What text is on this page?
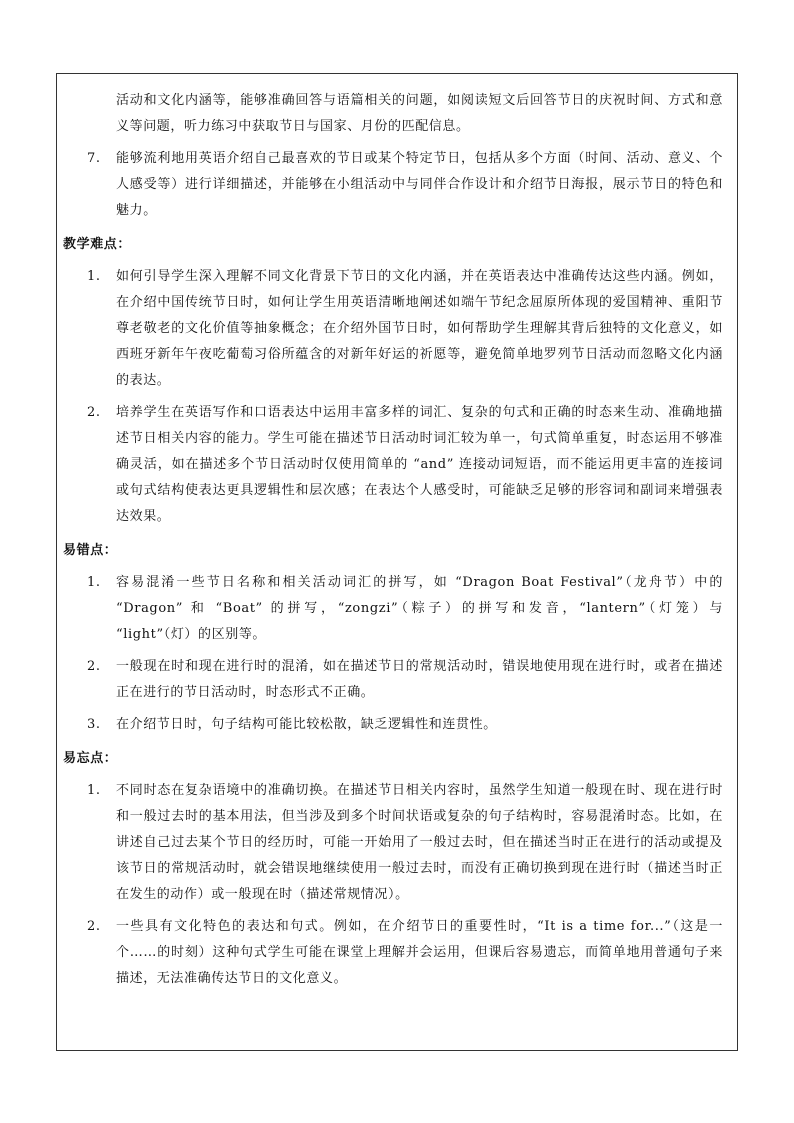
活动和文化内涵等，能够准确回答与语篇相关的问题，如阅读短文后回答节日的庆祝时间、方式和意义等问题，听力练习中获取节日与国家、月份的匹配信息。
7. 能够流利地用英语介绍自己最喜欢的节日或某个特定节日，包括从多个方面（时间、活动、意义、个人感受等）进行详细描述，并能够在小组活动中与同伴合作设计和介绍节日海报，展示节日的特色和魅力。
教学难点：
1. 如何引导学生深入理解不同文化背景下节日的文化内涵，并在英语表达中准确传达这些内涵。例如，在介绍中国传统节日时，如何让学生用英语清晰地阐述如端午节纪念屈原所体现的爱国精神、重阳节尊老敬老的文化价值等抽象概念；在介绍外国节日时，如何帮助学生理解其背后独特的文化意义，如西班牙新年午夜吃葡萄习俗所蕴含的对新年好运的祈愿等，避免简单地罗列节日活动而忽略文化内涵的表达。
2. 培养学生在英语写作和口语表达中运用丰富多样的词汇、复杂的句式和正确的时态来生动、准确地描述节日相关内容的能力。学生可能在描述节日活动时词汇较为单一，句式简单重复，时态运用不够准确灵活，如在描述多个节日活动时仅使用简单的 “and” 连接动词短语，而不能运用更丰富的连接词或句式结构使表达更具逻辑性和层次感；在表达个人感受时，可能缺乏足够的形容词和副词来增强表达效果。
易错点：
1. 容易混淆一些节日名称和相关活动词汇的拼写，如 “Dragon Boat Festival”（龙舟节）中的 “Dragon” 和 “Boat” 的拼写，“zongzi”（粽子）的拼写和发音，“lantern”（灯笼）与 “light”（灯）的区别等。
2. 一般现在时和现在进行时的混淆，如在描述节日的常规活动时，错误地使用现在进行时，或者在描述正在进行的节日活动时，时态形式不正确。
3. 在介绍节日时，句子结构可能比较松散，缺乏逻辑性和连贯性。
易忘点：
1. 不同时态在复杂语境中的准确切换。在描述节日相关内容时，虽然学生知道一般现在时、现在进行时和一般过去时的基本用法，但当涉及到多个时间状语或复杂的句子结构时，容易混淆时态。比如，在讲述自己过去某个节日的经历时，可能一开始用了一般过去时，但在描述当时正在进行的活动或提及该节日的常规活动时，就会错误地继续使用一般过去时，而没有正确切换到现在进行时（描述当时正在发生的动作）或一般现在时（描述常规情况）。
2. 一些具有文化特色的表达和句式。例如，在介绍节日的重要性时，“It is a time for...”（这是一个……的时刻）这种句式学生可能在课堂上理解并会运用，但课后容易遗忘，而简单地用普通句子来描述，无法准确传达节日的文化意义。
